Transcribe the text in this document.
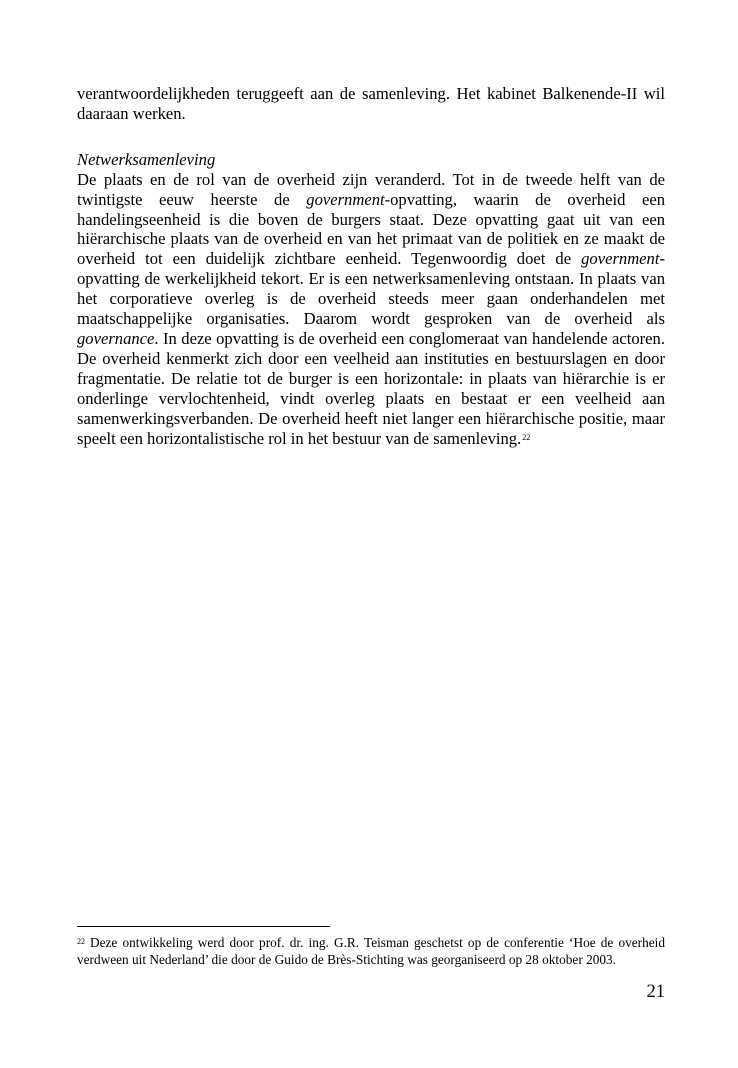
verantwoordelijkheden teruggeeft aan de samenleving. Het kabinet Balkenende-II wil daaraan werken.

Netwerksamenleving

De plaats en de rol van de overheid zijn veranderd. Tot in de tweede helft van de twintigste eeuw heerste de government-opvatting, waarin de overheid een handelingseenheid is die boven de burgers staat. Deze opvatting gaat uit van een hiërarchische plaats van de overheid en van het primaat van de politiek en ze maakt de overheid tot een duidelijk zichtbare eenheid. Tegenwoordig doet de government-opvatting de werkelijkheid tekort. Er is een netwerksamenleving ontstaan. In plaats van het corporatieve overleg is de overheid steeds meer gaan onderhandelen met maatschappelijke organisaties. Daarom wordt gesproken van de overheid als governance. In deze opvatting is de overheid een conglomeraat van handelende actoren. De overheid kenmerkt zich door een veelheid aan instituties en bestuurslagen en door fragmentatie. De relatie tot de burger is een horizontale: in plaats van hiërarchie is er onderlinge vervlochtenheid, vindt overleg plaats en bestaat er een veelheid aan samenwerkingsverbanden. De overheid heeft niet langer een hiërarchische positie, maar speelt een horizontalistische rol in het bestuur van de samenleving.$^{22}$

$^{22}$ Deze ontwikkeling werd door prof. dr. ing. G.R. Teisman geschetst op de conferentie ‘Hoe de overheid verdween uit Nederland’ die door de Guido de Brès-Stichting was georganiseerd op 28 oktober 2003.

21
